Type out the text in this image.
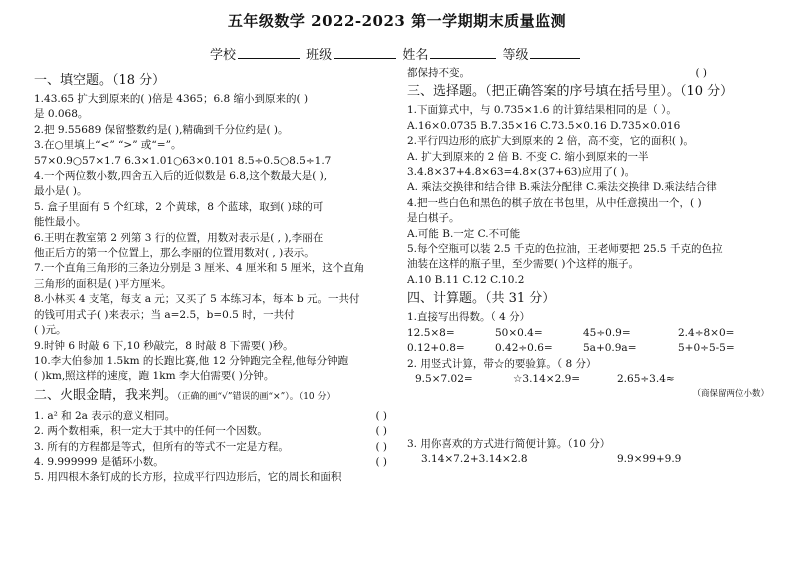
五年级数学 2022-2023 第一学期期末质量监测
学校	班级	姓名	等级
一、填空题。（18 分）
1.43.65 扩大到原来的( )倍是 4365；6.8 缩小到原来的( )
是 0.068。
2.把 9.55689 保留整数约是( ),精确到千分位约是( )。
3.在○里填上“<” “>” 或“=”。
57×0.9○57×1.7 6.3×1.01○63×0.101 8.5÷0.5○8.5÷1.7
4.一个两位数小数,四舍五入后的近似数是 6.8,这个数最大是( ),
最小是( )。
5. 盒子里面有 5 个红球，2 个黄球，8 个蓝球，取到( )球的可
能性最小。
6.王明在教室第 2 列第 3 行的位置，用数对表示是( , ),李丽在
他正后方的第一个位置上，那么李丽的位置用数对( , )表示。
7.一个直角三角形的三条边分别是 3 厘米、4 厘米和 5 厘米，这个直角
三角形的面积是( )平方厘米。
8.小林买 4 支笔，每支 a 元；又买了 5 本练习本，每本 b 元。一共付
的钱可用式子( )来表示；当 a=2.5，b=0.5 时，一共付
( )元。
9.时钟 6 时敲 6 下,10 秒敲完，8 时敲 8 下需要( )秒。
10.李大伯参加 1.5km 的长跑比赛,他 12 分钟跑完全程,他每分钟跑
( )km,照这样的速度，跑 1km 李大伯需要( )分钟。
二、火眼金睛，我来判。（正确的画“√”错误的画“×”）。（10 分）
1. a² 和 2a 表示的意义相同。	( )
2. 两个数相乘，积一定大于其中的任何一个因数。	( )
3. 所有的方程都是等式，但所有的等式不一定是方程。	( )
4. 9.999999 是循环小数。	( )
5. 用四根木条钉成的长方形，拉成平行四边形后，它的周长和面积
都保持不变。	( )
三、选择题。（把正确答案的序号填在括号里）。（10 分）
1.下面算式中，与 0.735×1.6 的计算结果相同的是（ ）。
A.16×0.0735 B.7.35×16 C.73.5×0.16 D.735×0.016
2.平行四边形的底扩大到原来的 2 倍，高不变，它的面积( )。
A. 扩大到原来的 2 倍 B. 不变 C. 缩小到原来的一半
3.4.8×37+4.8×63=4.8×(37+63)应用了( )。
A. 乘法交换律和结合律 B.乘法分配律 C.乘法交换律 D.乘法结合律
4.把一些白色和黑色的棋子放在书包里，从中任意摸出一个，( )
是白棋子。
A.可能 B.一定 C.不可能
5.每个空瓶可以装 2.5 千克的色拉油，王老师要把 25.5 千克的色拉
油装在这样的瓶子里，至少需要( )个这样的瓶子。
A.10 B.11 C.12 C.10.2
四、计算题。（共 31 分）
1.直接写出得数。（ 4 分）
12.5×8=	50×0.4=	45÷0.9=	2.4÷8×0=
0.12+0.8=	0.42÷0.6=	5a+0.9a=	5+0÷5-5=
2. 用竖式计算，带☆的要验算。（ 8 分）
9.5×7.02=	☆3.14×2.9=	2.65÷3.4≈
（商保留两位小数）
3. 用你喜欢的方式进行简便计算。（10 分）
3.14×7.2+3.14×2.8	9.9×99+9.9
